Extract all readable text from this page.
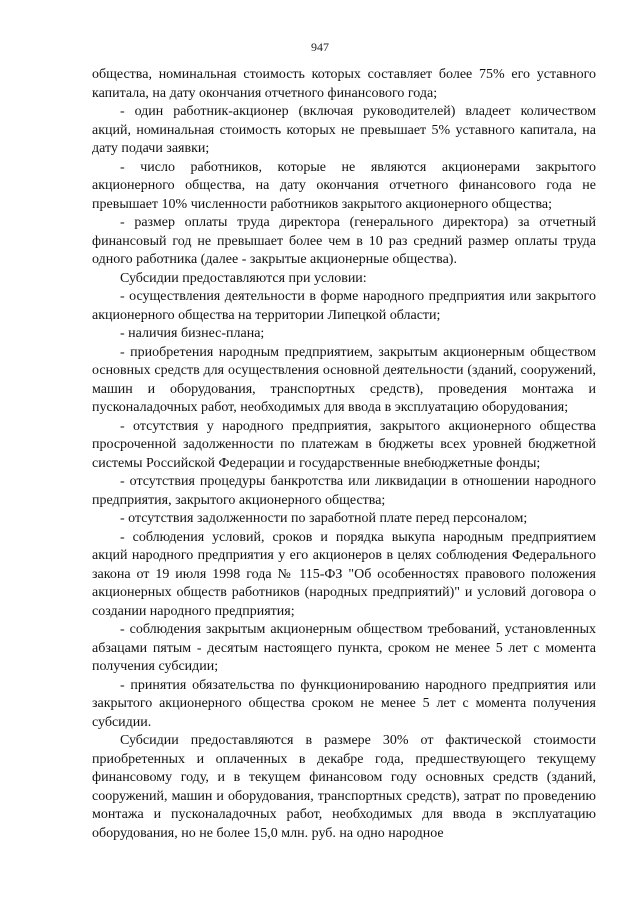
947

общества, номинальная стоимость которых составляет более 75% его уставного капитала, на дату окончания отчетного финансового года;

- один работник-акционер (включая руководителей) владеет количеством акций, номинальная стоимость которых не превышает 5% уставного капитала, на дату подачи заявки;

- число работников, которые не являются акционерами закрытого акционерного общества, на дату окончания отчетного финансового года не превышает 10% численности работников закрытого акционерного общества;

- размер оплаты труда директора (генерального директора) за отчетный финансовый год не превышает более чем в 10 раз средний размер оплаты труда одного работника (далее - закрытые акционерные общества).

Субсидии предоставляются при условии:

- осуществления деятельности в форме народного предприятия или закрытого акционерного общества на территории Липецкой области;

- наличия бизнес-плана;

- приобретения народным предприятием, закрытым акционерным обществом основных средств для осуществления основной деятельности (зданий, сооружений, машин и оборудования, транспортных средств), проведения монтажа и пусконаладочных работ, необходимых для ввода в эксплуатацию оборудования;

- отсутствия у народного предприятия, закрытого акционерного общества просроченной задолженности по платежам в бюджеты всех уровней бюджетной системы Российской Федерации и государственные внебюджетные фонды;

- отсутствия процедуры банкротства или ликвидации в отношении народного предприятия, закрытого акционерного общества;

- отсутствия задолженности по заработной плате перед персоналом;

- соблюдения условий, сроков и порядка выкупа народным предприятием акций народного предприятия у его акционеров в целях соблюдения Федерального закона от 19 июля 1998 года № 115-ФЗ "Об особенностях правового положения акционерных обществ работников (народных предприятий)" и условий договора о создании народного предприятия;

- соблюдения закрытым акционерным обществом требований, установленных абзацами пятым - десятым настоящего пункта, сроком не менее 5 лет с момента получения субсидии;

- принятия обязательства по функционированию народного предприятия или закрытого акционерного общества сроком не менее 5 лет с момента получения субсидии.

Субсидии предоставляются в размере 30% от фактической стоимости приобретенных и оплаченных в декабре года, предшествующего текущему финансовому году, и в текущем финансовом году основных средств (зданий, сооружений, машин и оборудования, транспортных средств), затрат по проведению монтажа и пусконаладочных работ, необходимых для ввода в эксплуатацию оборудования, но не более 15,0 млн. руб. на одно народное
